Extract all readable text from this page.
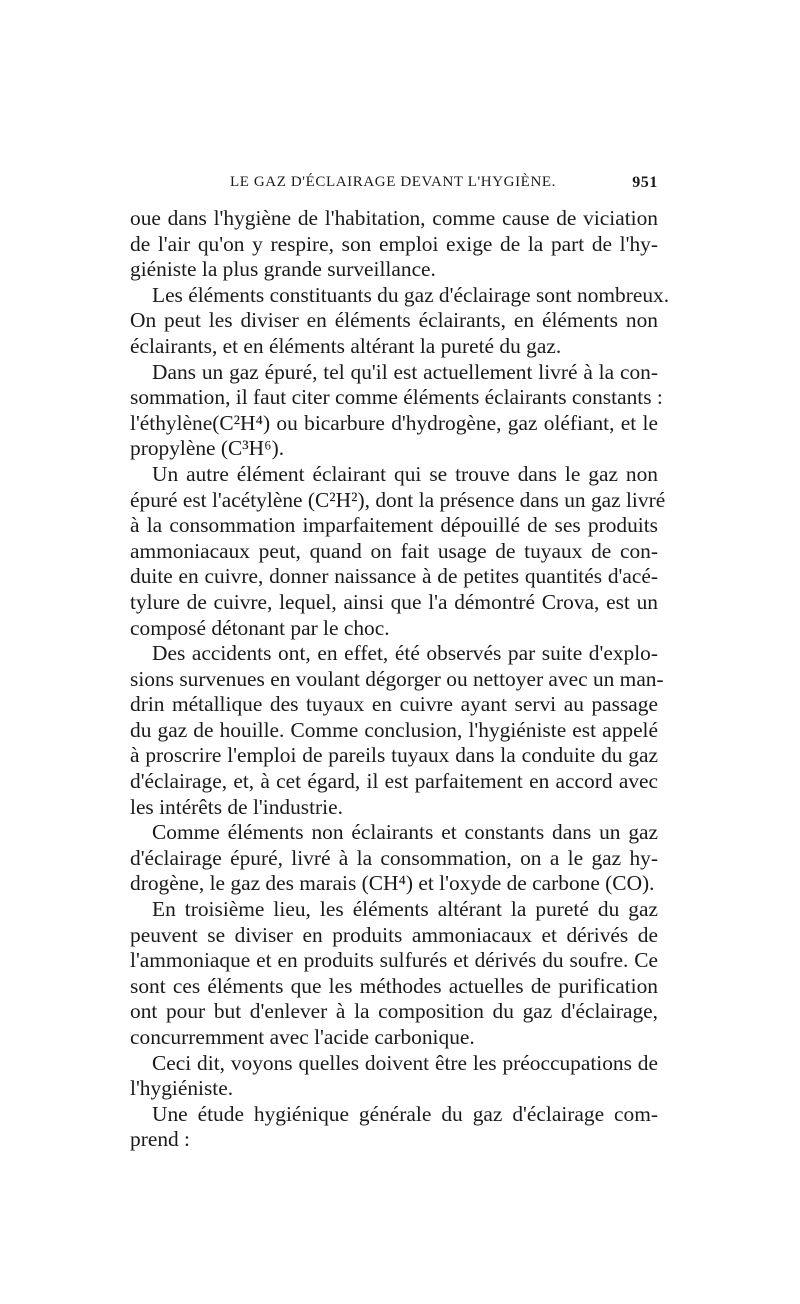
LE GAZ D'ÉCLAIRAGE DEVANT L'HYGIÈNE.	951

oue dans l'hygiène de l'habitation, comme cause de viciation
de l'air qu'on y respire, son emploi exige de la part de l'hy-
giéniste la plus grande surveillance.

Les éléments constituants du gaz d'éclairage sont nombreux.
On peut les diviser en éléments éclairants, en éléments non
éclairants, et en éléments altérant la pureté du gaz.

Dans un gaz épuré, tel qu'il est actuellement livré à la con-
sommation, il faut citer comme éléments éclairants constants :
l'éthylène(C²H⁴) ou bicarbure d'hydrogène, gaz oléfiant, et le
propylène (C³H⁶).

Un autre élément éclairant qui se trouve dans le gaz non
épuré est l'acétylène (C²H²), dont la présence dans un gaz livré
à la consommation imparfaitement dépouillé de ses produits
ammoniacaux peut, quand on fait usage de tuyaux de con-
duite en cuivre, donner naissance à de petites quantités d'acé-
tylure de cuivre, lequel, ainsi que l'a démontré Crova, est un
composé détonant par le choc.

Des accidents ont, en effet, été observés par suite d'explo-
sions survenues en voulant dégorger ou nettoyer avec un man-
drin métallique des tuyaux en cuivre ayant servi au passage
du gaz de houille. Comme conclusion, l'hygiéniste est appelé
à proscrire l'emploi de pareils tuyaux dans la conduite du gaz
d'éclairage, et, à cet égard, il est parfaitement en accord avec
les intérêts de l'industrie.

Comme éléments non éclairants et constants dans un gaz
d'éclairage épuré, livré à la consommation, on a le gaz hy-
drogène, le gaz des marais (CH⁴) et l'oxyde de carbone (CO).

En troisième lieu, les éléments altérant la pureté du gaz
peuvent se diviser en produits ammoniacaux et dérivés de
l'ammoniaque et en produits sulfurés et dérivés du soufre. Ce
sont ces éléments que les méthodes actuelles de purification
ont pour but d'enlever à la composition du gaz d'éclairage,
concurremment avec l'acide carbonique.

Ceci dit, voyons quelles doivent être les préoccupations de
l'hygiéniste.

Une étude hygiénique générale du gaz d'éclairage com-
prend :
